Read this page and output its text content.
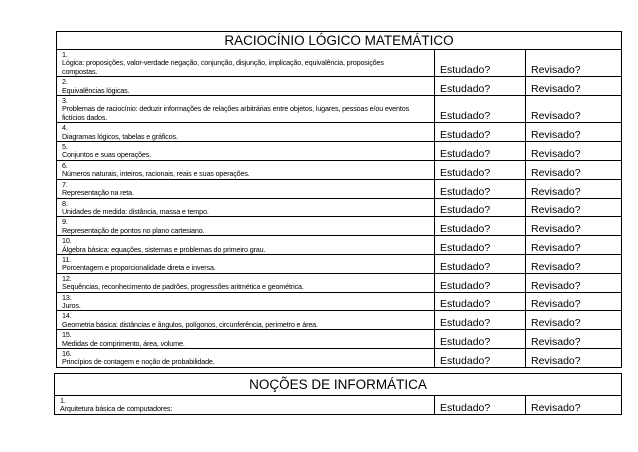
RACIOCÍNIO LÓGICO MATEMÁTICO		
1.Lógica: proposições, valor-verdade negação, conjunção, disjunção, implicação, equivalência, proposições compostas.	Estudado?	Revisado?
2.Equivalências lógicas.	Estudado?	Revisado?
3.Problemas de raciocínio: deduzir informações de relações arbitrárias entre objetos, lugares, pessoas e/ou eventos fictícios dados.	Estudado?	Revisado?
4.Diagramas lógicos, tabelas e gráficos.	Estudado?	Revisado?
5.Conjuntos e suas operações.	Estudado?	Revisado?
6.Números naturais, inteiros, racionais, reais e suas operações.	Estudado?	Revisado?
7.Representação na reta.	Estudado?	Revisado?
8.Unidades de medida: distância, massa e tempo.	Estudado?	Revisado?
9.Representação de pontos no plano cartesiano.	Estudado?	Revisado?
10.Álgebra básica: equações, sistemas e problemas do primeiro grau.	Estudado?	Revisado?
11.Porcentagem e proporcionalidade direta e inversa.	Estudado?	Revisado?
12.Sequências, reconhecimento de padrões, progressões aritmética e geométrica.	Estudado?	Revisado?
13.Juros.	Estudado?	Revisado?
14.Geometria básica: distâncias e ângulos, polígonos, circunferência, perímetro e área.	Estudado?	Revisado?
15.Medidas de comprimento, área, volume.	Estudado?	Revisado?
16.Princípios de contagem e noção de probabilidade.	Estudado?	Revisado?
NOÇÕES DE INFORMÁTICA
1.Arquitetura básica de computadores:	Estudado?	Revisado?
